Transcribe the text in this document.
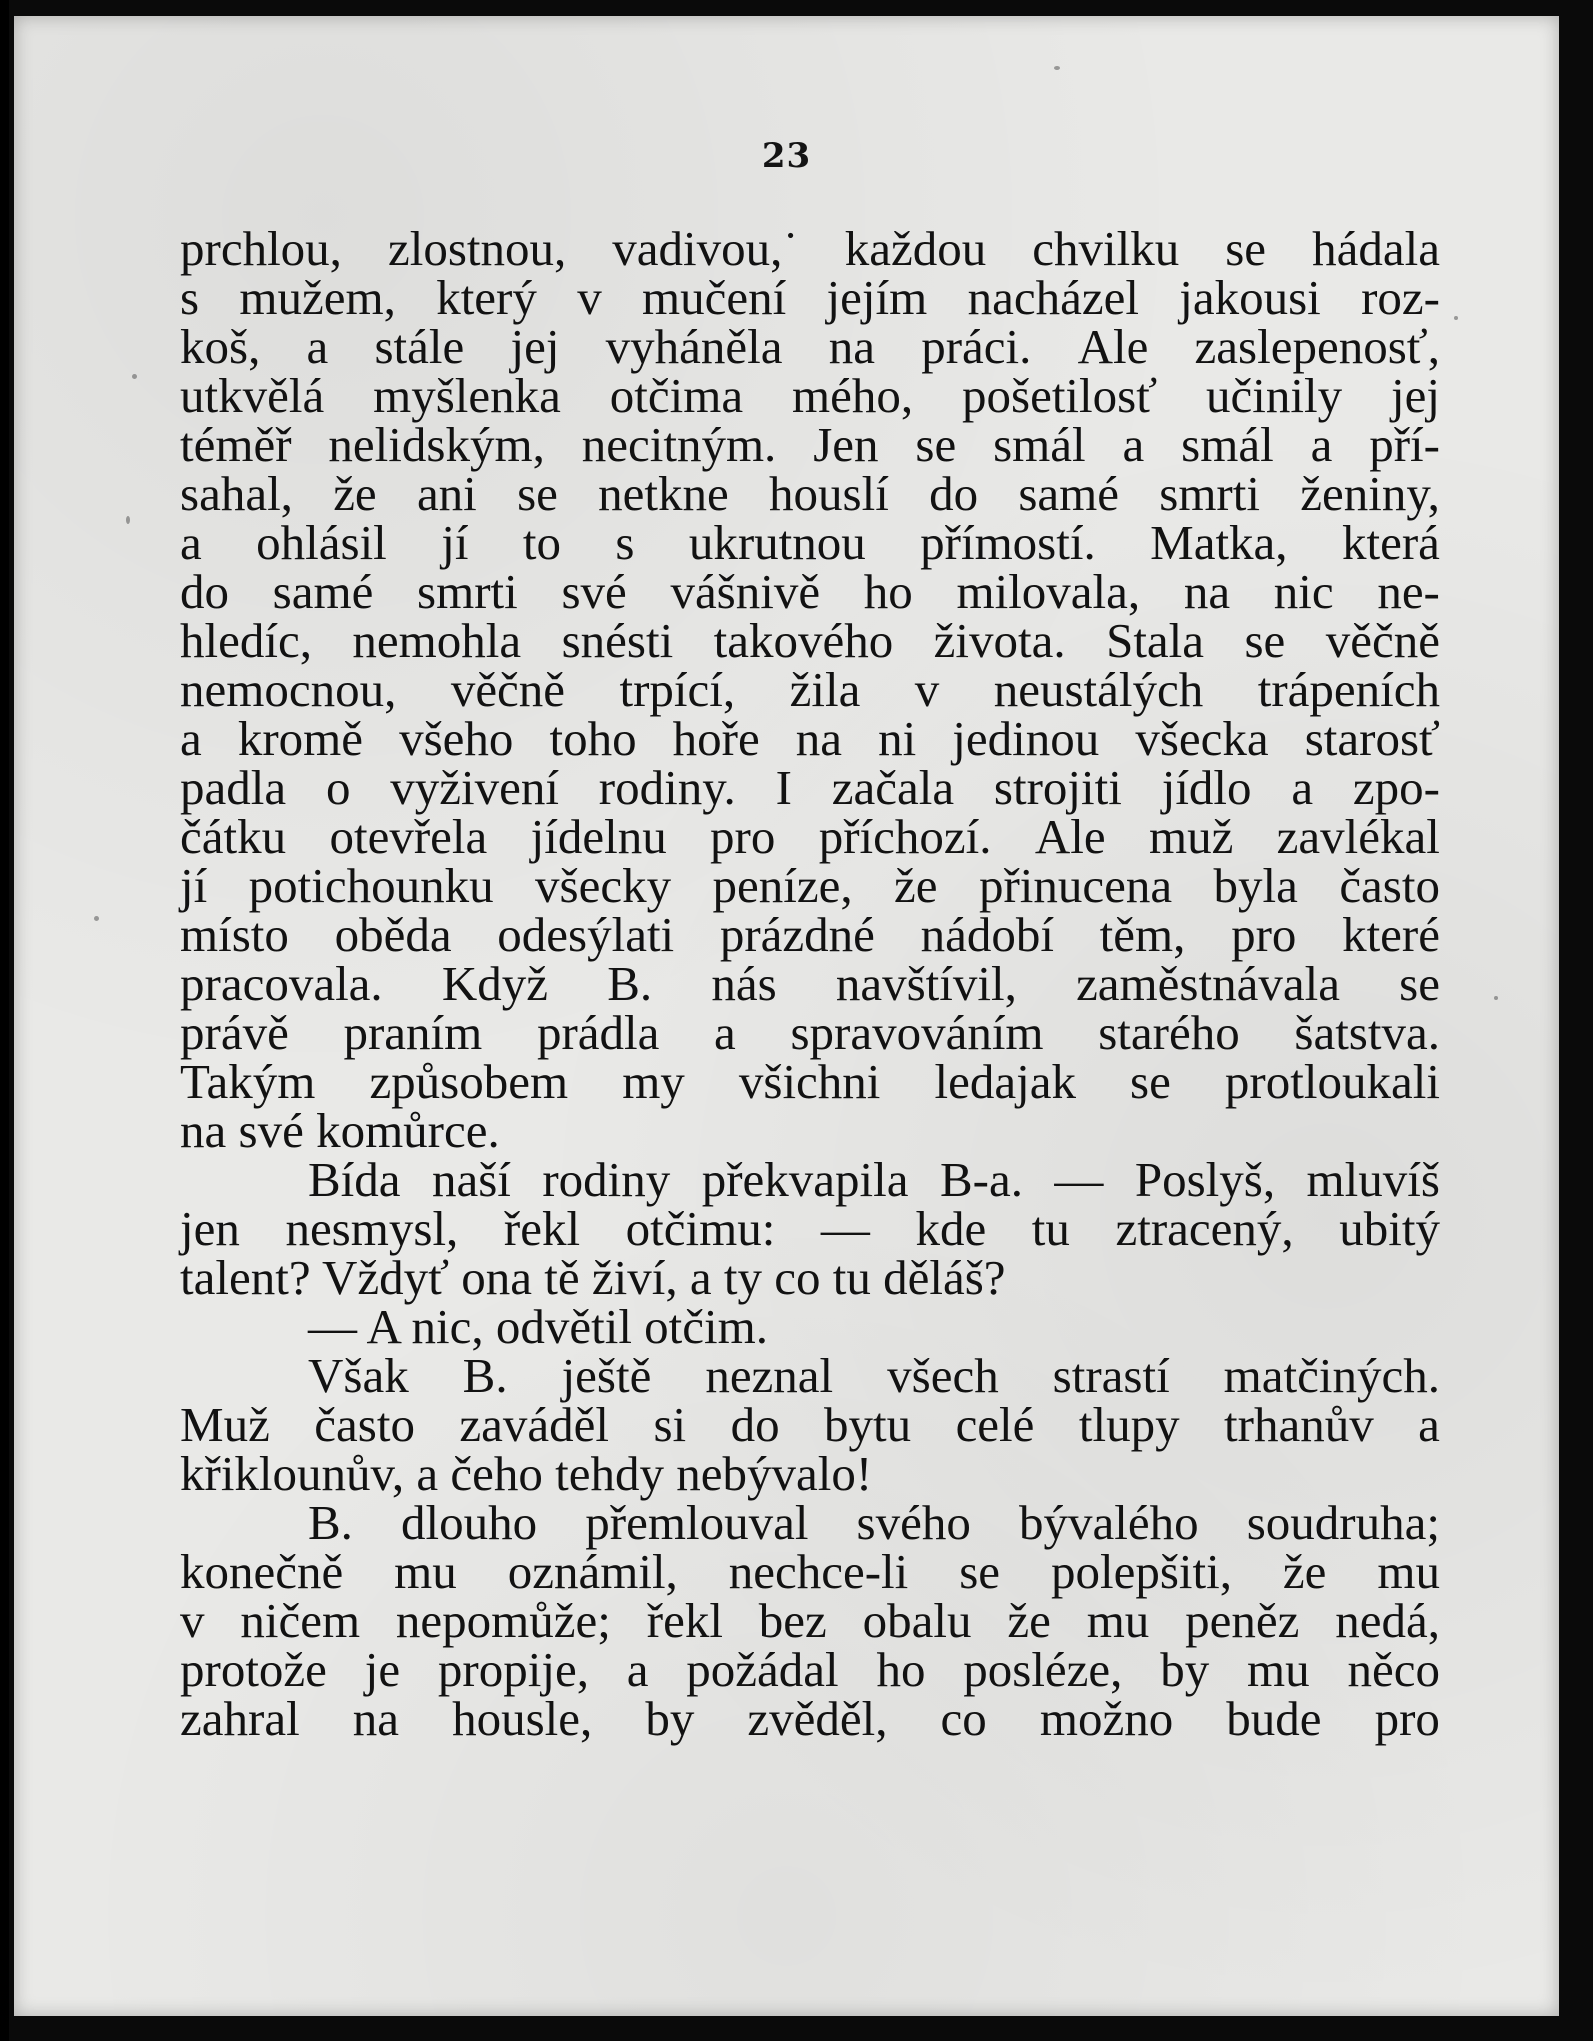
23
prchlou, zlostnou, vadivou,˙ každou chvilku se hádala
s mužem, který v mučení jejím nacházel jakousi roz-
koš, a stále jej vyháněla na práci. Ale zaslepenosť,
utkvělá myšlenka otčima mého, pošetilosť učinily jej
téměř nelidským, necitným. Jen se smál a smál a pří-
sahal, že ani se netkne houslí do samé smrti ženiny,
a ohlásil jí to s ukrutnou přímostí. Matka, která
do samé smrti své vášnivě ho milovala, na nic ne-
hledíc, nemohla snésti takového života. Stala se věčně
nemocnou, věčně trpící, žila v neustálých trápeních
a kromě všeho toho hoře na ni jedinou všecka starosť
padla o vyživení rodiny. I začala strojiti jídlo a zpo-
čátku otevřela jídelnu pro příchozí. Ale muž zavlékal
jí potichounku všecky peníze, že přinucena byla často
místo oběda odesýlati prázdné nádobí těm, pro které
pracovala. Když B. nás navštívil, zaměstnávala se
právě praním prádla a spravováním starého šatstva.
Takým způsobem my všichni ledajak se protloukali
na své komůrce.
Bída naší rodiny překvapila B-a. — Poslyš, mluvíš
jen nesmysl, řekl otčimu: — kde tu ztracený, ubitý
talent? Vždyť ona tě živí, a ty co tu děláš?
— A nic, odvětil otčim.
Však B. ještě neznal všech strastí matčiných.
Muž často zaváděl si do bytu celé tlupy trhanův a
křiklounův, a čeho tehdy nebývalo!
B. dlouho přemlouval svého bývalého soudruha;
konečně mu oznámil, nechce-li se polepšiti, že mu
v ničem nepomůže; řekl bez obalu že mu peněz nedá,
protože je propije, a požádal ho posléze, by mu něco
zahral na housle, by zvěděl, co možno bude pro
